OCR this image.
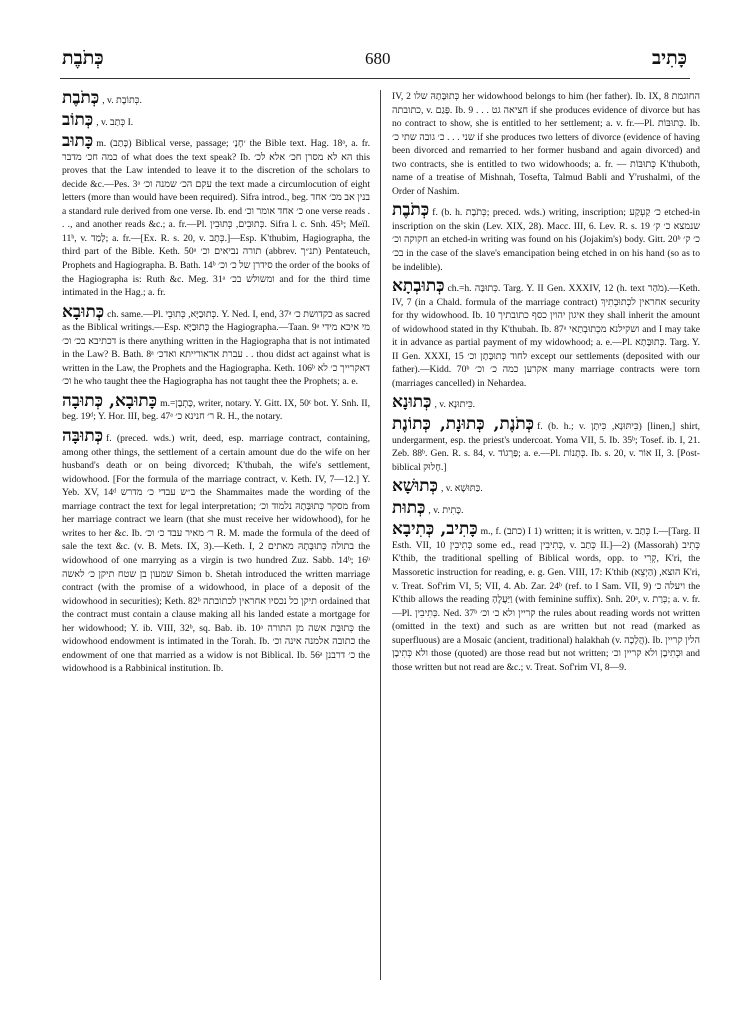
כְּתֹבֶת	680	כָּתִיב

כְּתֹבֶת , v. כְּתוֹבֶת.

כְּתוֹב , v. כְּתַב I.

כָּתוּב m. (כָּתַב) Biblical verse, passage; ׳חָנָ׳ the Bible text. Hag. 18ᵃ, a. fr. כמה חכ׳ מדבר of what does the text speak? Ib. הא לא מסרן חכ׳ אלא לכ׳ this proves that the Law intended to leave it to the discretion of the scholars to decide &c.—Pes. 3ᵃ עקם הכ׳ שמנה וכ׳ the text made a circumlocution of eight letters (more than would have been required). Sifra introd., beg. בנין אב מכ׳ אחד a standard rule derived from one verse. Ib. end כ׳ אחד אומר וכ׳ one verse reads . . ., and another reads &c.; a. fr.—Pl. כְּתוּבִים, כְּתוּבִין. Sifra l. c. Snh. 45ᵇ; Meïl. 11ᵇ, v. לָמַד; a. fr.—[Ex. R. s. 20, v. כְּתַב.]—Esp. K'thubim, Hagiographa, the third part of the Bible. Keth. 50ᵃ תורה נביאים וכ׳ (abbrev. תנ״ך) Pentateuch, Prophets and Hagiographa. B. Bath. 14ᵇ סידרן של כ׳ וכ׳ the order of the books of the Hagiographa is: Ruth &c. Meg. 31ᵃ ומשולש בכ׳ and for the third time intimated in the Hag.; a. fr.

כְּתוּבָא ch. same.—Pl. כְּתוּבַיָּא, כְּתוּבֵי. Y. Ned. I, end, 37ᵃ כקדושת כ׳ as sacred as the Biblical writings.—Esp. כְּתוּבַיָּא the Hagiographa.—Taan. 9ᵃ מי איכא מידי דכתיבא בכ׳ וכ׳ is there anything written in the Hagiographa that is not intimated in the Law? B. Bath. 8ᵃ עברת אדאורייתא ואדכ׳ . . thou didst act against what is written in the Law, the Prophets and the Hagiographa. Keth. 106ᵇ דאקרייך כ׳ לא וכ׳ he who taught thee the Hagiographa has not taught thee the Prophets; a. e.

כָּתוּבָא, כְּתוּבָה m.=כָּתְבָן, writer, notary. Y. Gitt. IX, 50ᶜ bot. Y. Snh. II, beg. 19ᵈ; Y. Hor. III, beg. 47ᵃ ר׳ חנינא כ׳ R. H., the notary.

כְּתוּבָּה f. (preced. wds.) writ, deed, esp. marriage contract, containing, among other things, the settlement of a certain amount due do the wife on her husband's death or on being divorced; K'thubah, the wife's settlement, widowhood. [For the formula of the marriage contract, v. Keth. IV, 7—12.] Y. Yeb. XV, 14ᵈ ב״ש עבדי כ׳ מדרש the Shammaites made the wording of the marriage contract the text for legal interpretation; מסקר כְּתוּבָּתָהּ נלמוד וכ׳ from her marriage contract we learn (that she must receive her widowhood), for he writes to her &c. Ib. ר׳ מאיר עבד כ׳ וכ׳ R. M. made the formula of the deed of sale the text &c. (v. B. Mets. IX, 3).—Keth. I, 2 בתולה כְּתוּבָּתָהּ מאתים the widowhood of one marrying as a virgin is two hundred Zuz. Sabb. 14ᵇ; 16ᵇ שמעון בן שטח תיקן כ׳ לאשה Simon b. Shetah introduced the written marriage contract (with the promise of a widowhood, in place of a deposit of the widowhood in securities); Keth. 82ᵇ תיקן כל נכסיו אחראין לכתובתה ordained that the contract must contain a clause making all his landed estate a mortgage for her widowhood; Y. ib. VIII, 32ᵇ, sq. Bab. ib. 10ᵃ כְּתוּבַּת אשה מן התורה the widowhood endowment is intimated in the Torah. Ib. כתובה אלמנה אינה וכ׳ the endowment of one that married as a widow is not Biblical. Ib. 56ᵃ כ׳ דרבנן the widowhood is a Rabbinical institution. Ib.

IV, 2 כְּתוּבָּתָהּ שלו her widowhood belongs to him (her father). Ib. IX, 8 החוגמת כתובתה, v. פָּגַם. Ib. 9 . . . חציאה גט if she produces evidence of divorce but has no contract to show, she is entitled to her settlement; a. v. fr.—Pl. כְּתוּבּוֹת. Ib. שני . . . כ׳ גובה שתי כ׳ if she produces two letters of divorce (evidence of having been divorced and remarried to her former husband and again divorced) and two contracts, she is entitled to two widowhoods; a. fr. — כְּתוּבּוֹת K'thuboth, name of a treatise of Mishnah, Tosefta, Talmud Babli and Y'rushalmi, of the Order of Nashim.

כְּתֹבֶת f. (b. h. כְּתֹבֶת; preced. wds.) writing, inscription; כ׳ קַעְקַע etched-in inscription on the skin (Lev. XIX, 28). Macc. III, 6. Lev. R. s. 19 שנמצא כ׳ ק׳ חקוקה וכ׳ an etched-in writing was found on his (Jojakim's) body. Gitt. 20ᵇ כ׳ ק׳ בכ׳ in the case of the slave's emancipation being etched in on his hand (so as to be indelible).

כְּתוּבְתָא ch.=h. כְּתוּבָּה. Targ. Y. II Gen. XXXIV, 12 (h. text מֹהַר).—Keth. IV, 7 (in a Chald. formula of the marriage contract) אחראין לכְתוּבְתִיךְ security for thy widowhood. Ib. 10 איגון יהוין כסף כתובתיך they shall inherit the amount of widowhood stated in thy K'thubah. Ib. 87ᵃ ושקילנא מכְתוּבְתַאי and I may take it in advance as partial payment of my widowhood; a. e.—Pl. כְּתוּבָּתָא. Targ. Y. II Gen. XXXI, 15 לחוד כְּתוּבָּתָן וכ׳ except our settlements (deposited with our father).—Kidd. 70ᵇ אקרען כמה כ׳ וכ׳ many marriage contracts were torn (marriages cancelled) in Nehardea.

כְּתוּנָא , v. כִּיתוּנָא.

כְּתֹנֶת, כְּתוּנָת, כְּתוֹנֶת f. (b. h.; v. כִּיתּוּנָא, כִּיתָן) [linen,] shirt, undergarment, esp. the priest's undercoat. Yoma VII, 5. Ib. 35ᵇ; Tosef. ib. I, 21. Zeb. 88ᵇ. Gen. R. s. 84, v. פַּרְגוֹד; a. e.—Pl. כְּתָנוֹת. Ib. s. 20, v. אוֹר II, 3. [Post-biblical חָלוּק.]

כְּתוּשָׁא , v. כַּתּוּשָׁא.

כְּתוּת , v. כָּתִית.

כָּתִיב, כְּתִיבָא m., f. (כתב) I 1) written; it is written, v. כְּתַב I.—[Targ. II Esth. VII, 10 כְּתִיבִין some ed., read כְּתִיבִין, v. כְּתַב II.]—2) (Massorah) כְּתִיב K'thib, the traditional spelling of Biblical words, opp. to קְרִי, K'ri, the Massoretic instruction for reading, e. g. Gen. VIII, 17: K'thib הוצא, (הַיְצֵא) K'ri, v. Treat. Sof'rim VI, 5; VII, 4. Ab. Zar. 24ᵇ (ref. to I Sam. VII, 9) ויעלה כ׳ the K'thib allows the reading וַיַּעֲלֶהָ (with feminine suffix). Snh. 20ᵃ, v. כְּרַת; a. v. fr.—Pl. כְּתִיבִין. Ned. 37ᵇ קריין ולא כ׳ וכ׳ the rules about reading words not written (omitted in the text) and such as are written but not read (marked as superfluous) are a Mosaic (ancient, traditional) halakhah (v. הֲלָכָה). Ib. הלין קריין ולא כְּתִיבָן those (quoted) are those read but not written; וּכְתִיבָן ולא קריין וכ׳ and those written but not read are &c.; v. Treat. Sof'rim VI, 8—9.
